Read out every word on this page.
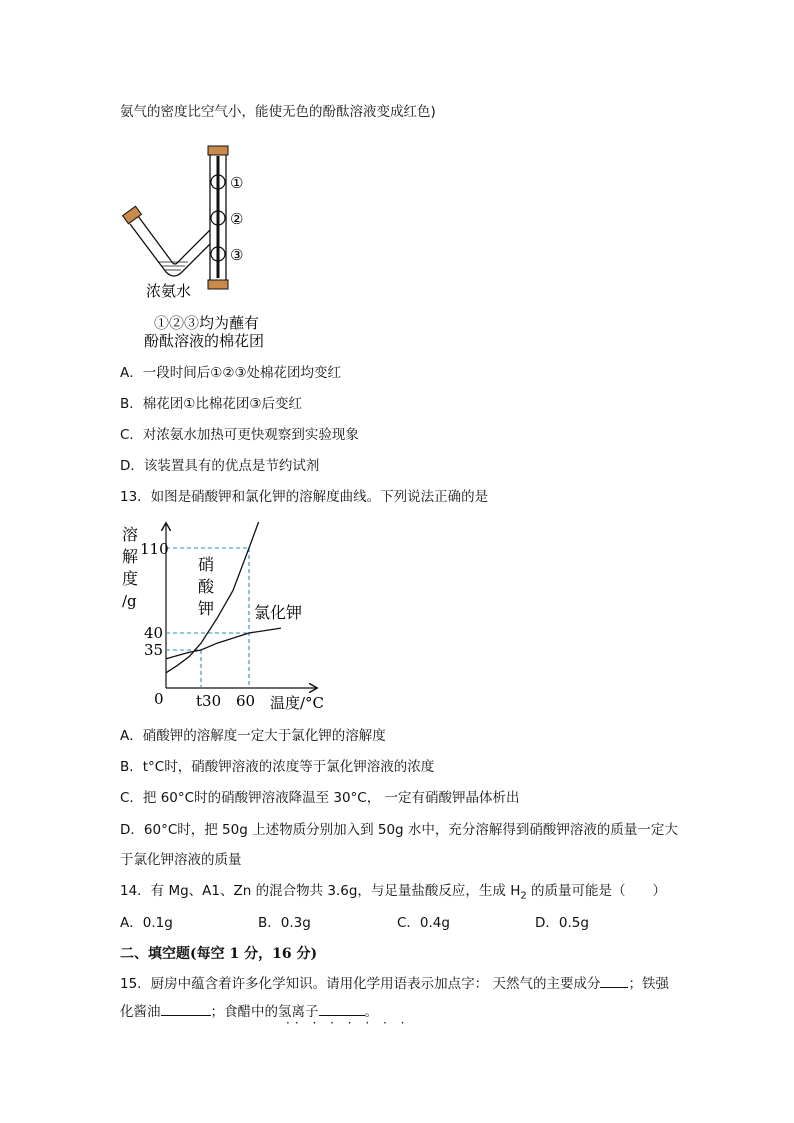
氨气的密度比空气小，能使无色的酚酞溶液变成红色)
①
②
③
浓氨水
①②③均为蘸有
酚酞溶液的棉花团
A．一段时间后①②③处棉花团均变红
B．棉花团①比棉花团③后变红
C．对浓氨水加热可更快观察到实验现象
D．该装置具有的优点是节约试剂
13．如图是硝酸钾和氯化钾的溶解度曲线。下列说法正确的是
溶
解
度
/g
硝
酸
钾 氯化钾
0 t30 60 温度/°C
110
40
35
A．硝酸钾的溶解度一定大于氯化钾的溶解度
B．t°C时，硝酸钾溶液的浓度等于氯化钾溶液的浓度
C．把 60°C时的硝酸钾溶液降温至 30°C， 一定有硝酸钾晶体析出
D．60°C时，把 50g 上述物质分别加入到 50g 水中，充分溶解得到硝酸钾溶液的质量一定大
于氯化钾溶液的质量
14．有 Mg、A1、Zn 的混合物共 3.6g，与足量盐酸反应，生成 $H_2$ 的质量可能是（　　）
A．0.1g	B．0.3g	C．0.4g	D．0.5g
二、填空题(每空 1 分，16 分)
15．厨房中蕴含着许多化学知识。请用化学用语表示加点字： 天然气的主要成分 ；铁强
化酱油	；食醋中的氢离子	。
·· · · · · · ·
